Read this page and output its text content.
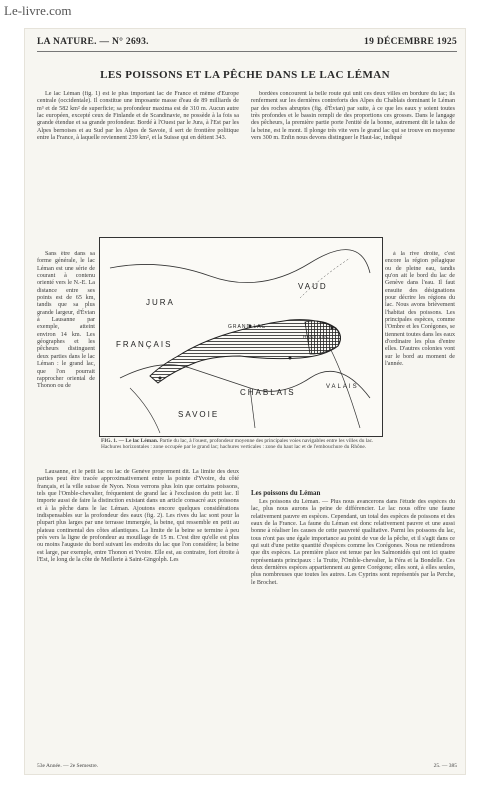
Le-livre.com
LA NATURE. — N° 2693.	19 DÉCEMBRE 1925
LES POISSONS ET LA PÊCHE DANS LE LAC LÉMAN

Le lac Léman (fig. 1) est le plus important lac de France et même d'Europe centrale (occidentale). Il constitue une imposante masse d'eau de 89 milliards de m³ et de 582 km² de superficie; sa profondeur maxima est de 310 m. Aucun autre lac européen, excepté ceux de Finlande et de Scandinavie, ne possède à la fois sa grande étendue et sa grande profondeur. Bordé à l'Ouest par le Jura, à l'Est par les Alpes bernoises et au Sud par les Alpes de Savoie, il sert de frontière politique entre la France, à laquelle reviennent 239 km², et la Suisse qui en détient 343.

bordées concourent la belle route qui unit ces deux villes en bordure du lac; ils renferment sur les dernières contreforts des Alpes du Chablais dominant le Léman par des roches abruptes (fig. d'Évian) par suite, à ce que les eaux y soient toutes très profondes et le bassin rempli de des proportions ces grosses. Dans le langage des pêcheurs, la première partie porte l'entité de la bonne, autrement dit le talus de la beine, est le mont. Il plonge très vite vers le grand lac qui se trouve en moyenne vers 300 m. Enfin nous devons distinguer le Haut-lac, indiqué

Sans être dans sa forme générale, le lac Léman est une série de courant à contenu orienté vers le N.-E. La distance entre ses points est de 65 km, tandis que sa plus grande largeur, d'Évian à Lausanne par exemple, atteint environ 14 km. Les géographes et les pêcheurs distinguent deux parties dans le lac Léman : le grand lac, que l'on pourrait rapprocher oriental de Thonon ou de

à la rive droite, c'est encore la région pélagique ou de pleine eau, tandis qu'on ait le bord du lac de Genève dans l'eau. Il faut ensuite des désignations pour décrire les régions du lac. Nous avons brièvement l'habitat des poissons. Les principales espèces, comme l'Ombre et les Corégones, se tiennent toutes dans les eaux d'ordinaire les plus d'entre elles. D'autres colonies vont sur le bord au moment de l'année.

VAUD
JURA
FRANÇAIS
GRAND LAC
HAUT LAC
CHABLAIS
VALAIS
SAVOIE
FIG. 1. — Le lac Léman. Partie du lac, à l'ouest, profondeur moyenne des principales voies navigables entre les villes du lac. Hachures horizontales : zone occupée par le grand lac; hachures verticales : zone du haut lac et de l'embouchure du Rhône.

Lausanne, et le petit lac ou lac de Genève proprement dit. La limite des deux parties peut être tracée approximativement entre la pointe d'Yvoire, du côté français, et la ville suisse de Nyon. Nous verrons plus loin que certains poissons, tels que l'Omble-chevalier, fréquentent de grand lac à l'exclusion du petit lac. Il importe aussi de faire la distinction existant dans un article consacré aux poissons et à la pêche dans le lac Léman. Ajoutons encore quelques considérations indispensables sur la profondeur des eaux (fig. 2). Les rives du lac sont pour la plupart plus larges par une terrasse immergée, la beine, qui ressemble en petit au plateau continental des côtes atlantiques. La limite de la beine se termine à peu près vers la ligne de profondeur au mouillage de 15 m. C'est dire qu'elle est plus ou moins l'auguste du bord suivant les endroits du lac que l'on considère; la beine est large, par exemple, entre Thonon et Yvoire. Elle est, au contraire, fort étroite à l'Est, le long de la côte de Meillerie à Saint-Gingolph. Les

Les poissons du Léman

Les poissons du Léman. — Plus nous avancerons dans l'étude des espèces du lac, plus nous aurons la peine de différencier. Le lac nous offre une faune relativement pauvre en espèces. Cependant, un total des espèces de poissons et des eaux de la France. La faune du Léman est donc relativement pauvre et une aussi bonne à réaliser les causes de cette pauvreté qualitative. Parmi les poissons du lac, tous n'ont pas une égale importance au point de vue de la pêche, et il s'agit dans ce qui suit d'une petite quantité d'espèces comme les Corégones. Nous ne retiendrons que dix espèces. La première place est tenue par les Salmonidés qui ont ici quatre représentants principaux : la Truite, l'Omble-chevalier, la Féra et la Bondelle. Ces deux dernières espèces appartiennent au genre Corégone; elles sont, à elles seules, plus nombreuses que toutes les autres. Les Cyprins sont représentés par la Perche, le Brochet.

53e Année. — 2e Semestre.	25. — 385
